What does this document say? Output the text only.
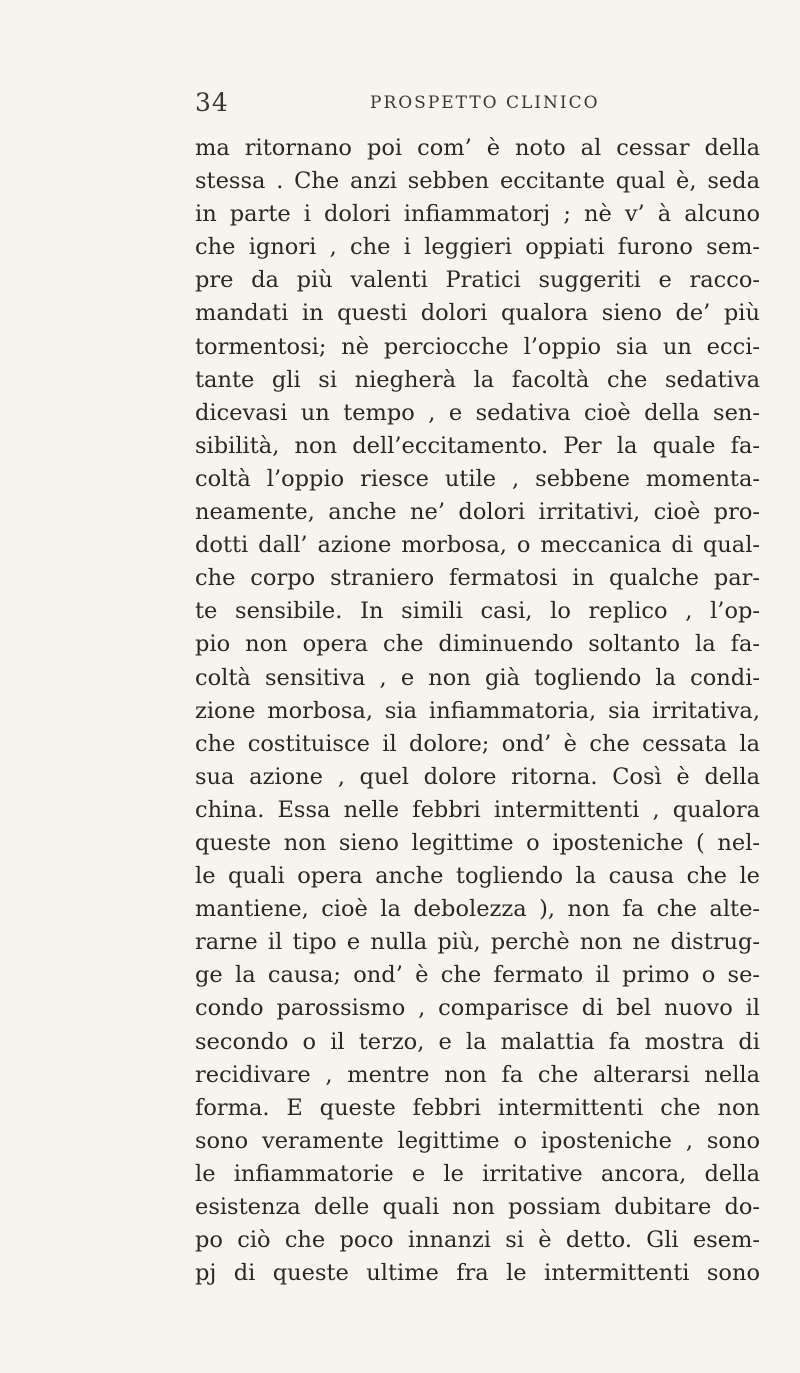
34	PROSPETTO CLINICO
ma ritornano poi com’ è noto al cessar della
stessa . Che anzi sebben eccitante qual è, seda
in parte i dolori infiammatorj ; nè v’ à alcuno
che ignori , che i leggieri oppiati furono sem-
pre da più valenti Pratici suggeriti e racco-
mandati in questi dolori qualora sieno de’ più
tormentosi; nè perciocche l’oppio sia un ecci-
tante gli si niegherà la facoltà che sedativa
dicevasi un tempo , e sedativa cioè della sen-
sibilità, non dell’eccitamento. Per la quale fa-
coltà l’oppio riesce utile , sebbene momenta-
neamente, anche ne’ dolori irritativi, cioè pro-
dotti dall’ azione morbosa, o meccanica di qual-
che corpo straniero fermatosi in qualche par-
te sensibile. In simili casi, lo replico , l’op-
pio non opera che diminuendo soltanto la fa-
coltà sensitiva , e non già togliendo la condi-
zione morbosa, sia infiammatoria, sia irritativa,
che costituisce il dolore; ond’ è che cessata la
sua azione , quel dolore ritorna. Così è della
china. Essa nelle febbri intermittenti , qualora
queste non sieno legittime o iposteniche ( nel-
le quali opera anche togliendo la causa che le
mantiene, cioè la debolezza ), non fa che alte-
rarne il tipo e nulla più, perchè non ne distrug-
ge la causa; ond’ è che fermato il primo o se-
condo parossismo , comparisce di bel nuovo il
secondo o il terzo, e la malattia fa mostra di
recidivare , mentre non fa che alterarsi nella
forma. E queste febbri intermittenti che non
sono veramente legittime o iposteniche , sono
le infiammatorie e le irritative ancora, della
esistenza delle quali non possiam dubitare do-
po ciò che poco innanzi si è detto. Gli esem-
pj di queste ultime fra le intermittenti sono
